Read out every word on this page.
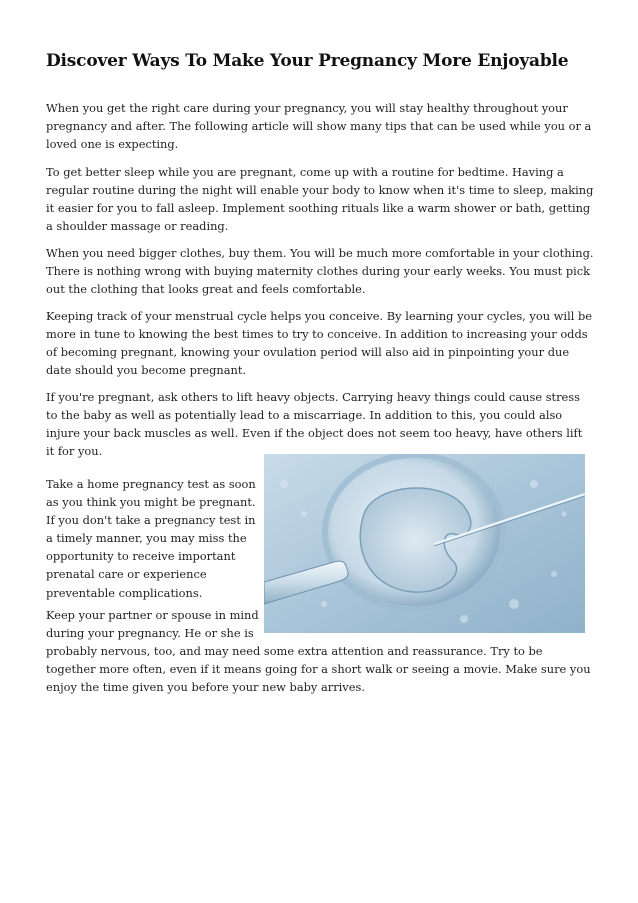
Discover Ways To Make Your Pregnancy More Enjoyable

When you get the right care during your pregnancy, you will stay healthy throughout your pregnancy and after. The following article will show many tips that can be used while you or a loved one is expecting.

To get better sleep while you are pregnant, come up with a routine for bedtime. Having a regular routine during the night will enable your body to know when it's time to sleep, making it easier for you to fall asleep. Implement soothing rituals like a warm shower or bath, getting a shoulder massage or reading.

When you need bigger clothes, buy them. You will be much more comfortable in your clothing. There is nothing wrong with buying maternity clothes during your early weeks. You must pick out the clothing that looks great and feels comfortable.

Keeping track of your menstrual cycle helps you conceive. By learning your cycles, you will be more in tune to knowing the best times to try to conceive. In addition to increasing your odds of becoming pregnant, knowing your ovulation period will also aid in pinpointing your due date should you become pregnant.

If you're pregnant, ask others to lift heavy objects. Carrying heavy things could cause stress to the baby as well as potentially lead to a miscarriage. In addition to this, you could also injure your back muscles as well. Even if the object does not seem too heavy, have others lift it for you.

Take a home pregnancy test as soon as you think you might be pregnant. If you don't take a pregnancy test in a timely manner, you may miss the opportunity to receive important prenatal care or experience preventable complications.

Keep your partner or spouse in mind during your pregnancy. He or she is probably nervous, too, and may need some extra attention and reassurance. Try to be together more often, even if it means going for a short walk or seeing a movie. Make sure you enjoy the time given you before your new baby arrives.
